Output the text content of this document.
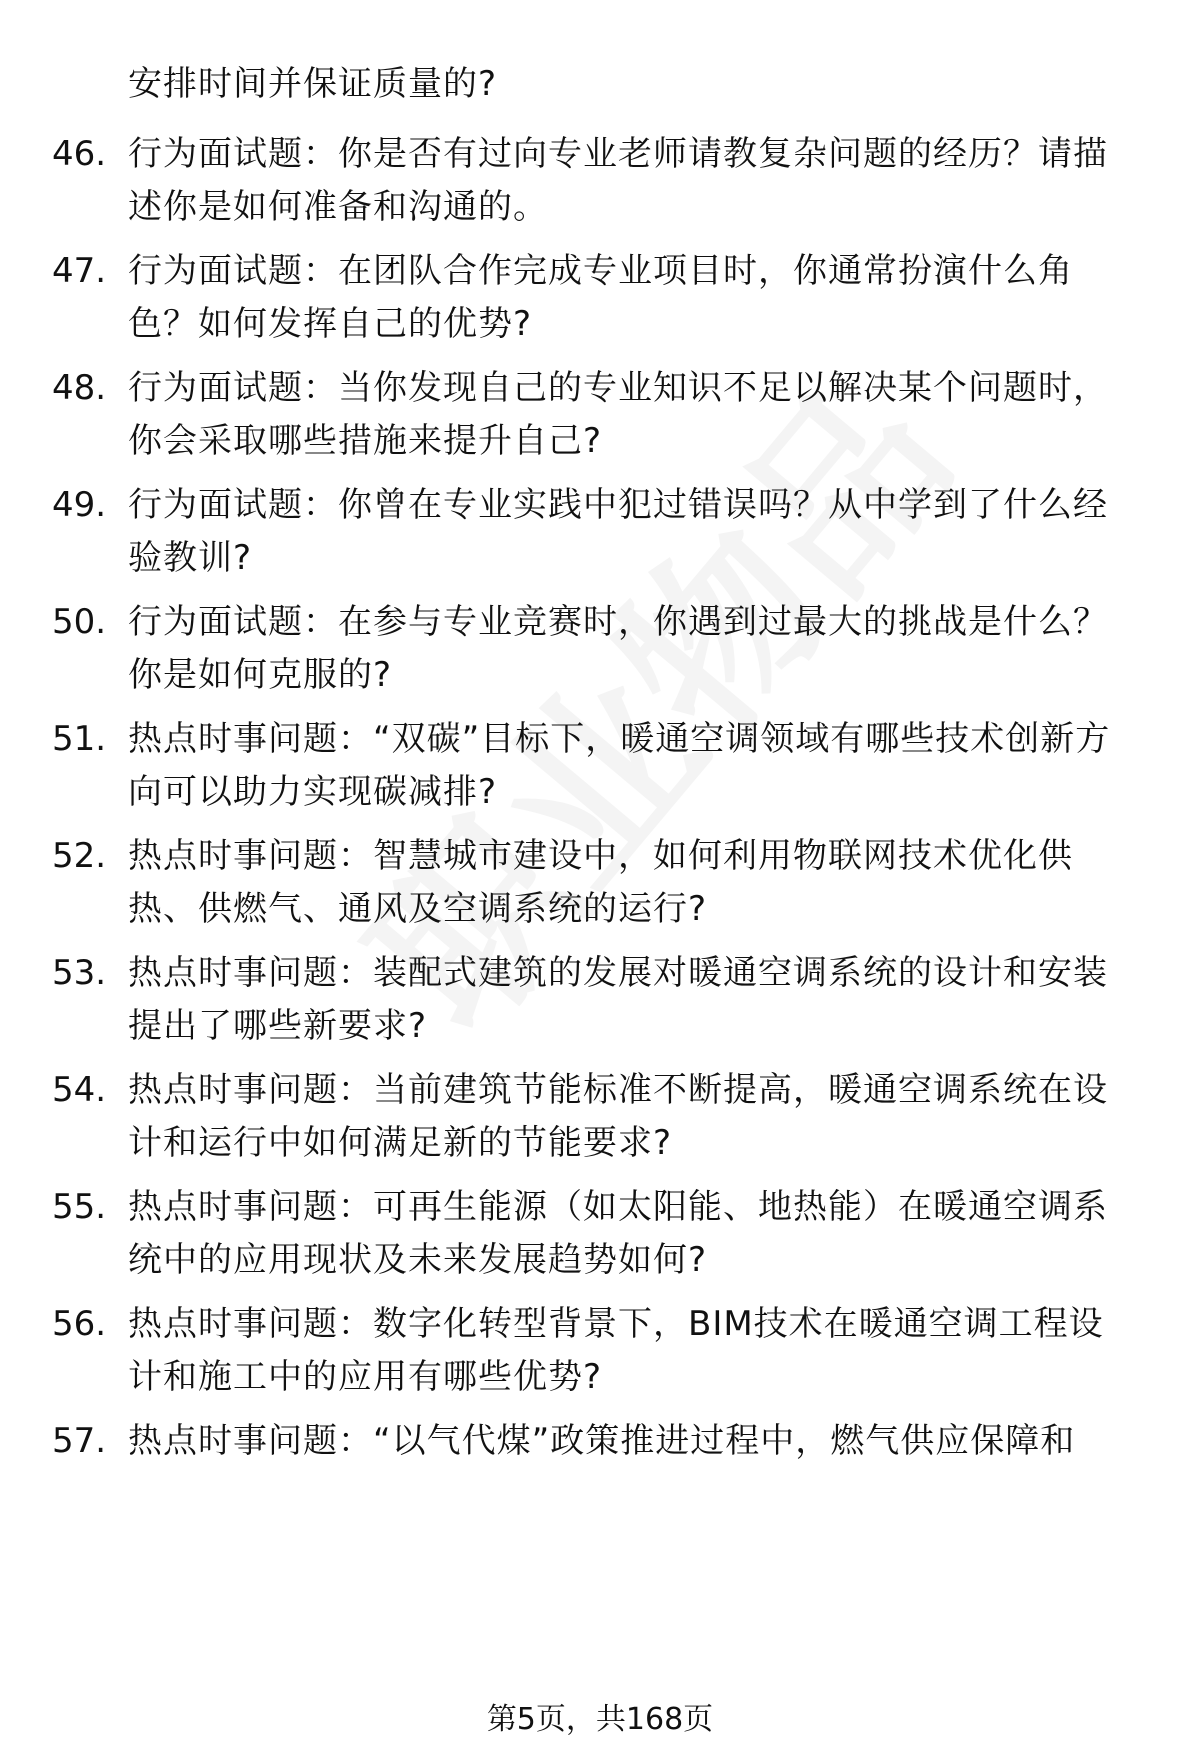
安排时间并保证质量的?
46. 行为面试题：你是否有过向专业老师请教复杂问题的经历？请描述你是如何准备和沟通的。
47. 行为面试题：在团队合作完成专业项目时，你通常扮演什么角色？如何发挥自己的优势?
48. 行为面试题：当你发现自己的专业知识不足以解决某个问题时，你会采取哪些措施来提升自己?
49. 行为面试题：你曾在专业实践中犯过错误吗？从中学到了什么经验教训?
50. 行为面试题：在参与专业竞赛时，你遇到过最大的挑战是什么？你是如何克服的?
51. 热点时事问题：“双碳”目标下，暖通空调领域有哪些技术创新方向可以助力实现碳减排?
52. 热点时事问题：智慧城市建设中，如何利用物联网技术优化供热、供燃气、通风及空调系统的运行?
53. 热点时事问题：装配式建筑的发展对暖通空调系统的设计和安装提出了哪些新要求?
54. 热点时事问题：当前建筑节能标准不断提高，暖通空调系统在设计和运行中如何满足新的节能要求?
55. 热点时事问题：可再生能源（如太阳能、地热能）在暖通空调系统中的应用现状及未来发展趋势如何?
56. 热点时事问题：数字化转型背景下，BIM技术在暖通空调工程设计和施工中的应用有哪些优势?
57. 热点时事问题：“以气代煤”政策推进过程中，燃气供应保障和
第5页，共168页
